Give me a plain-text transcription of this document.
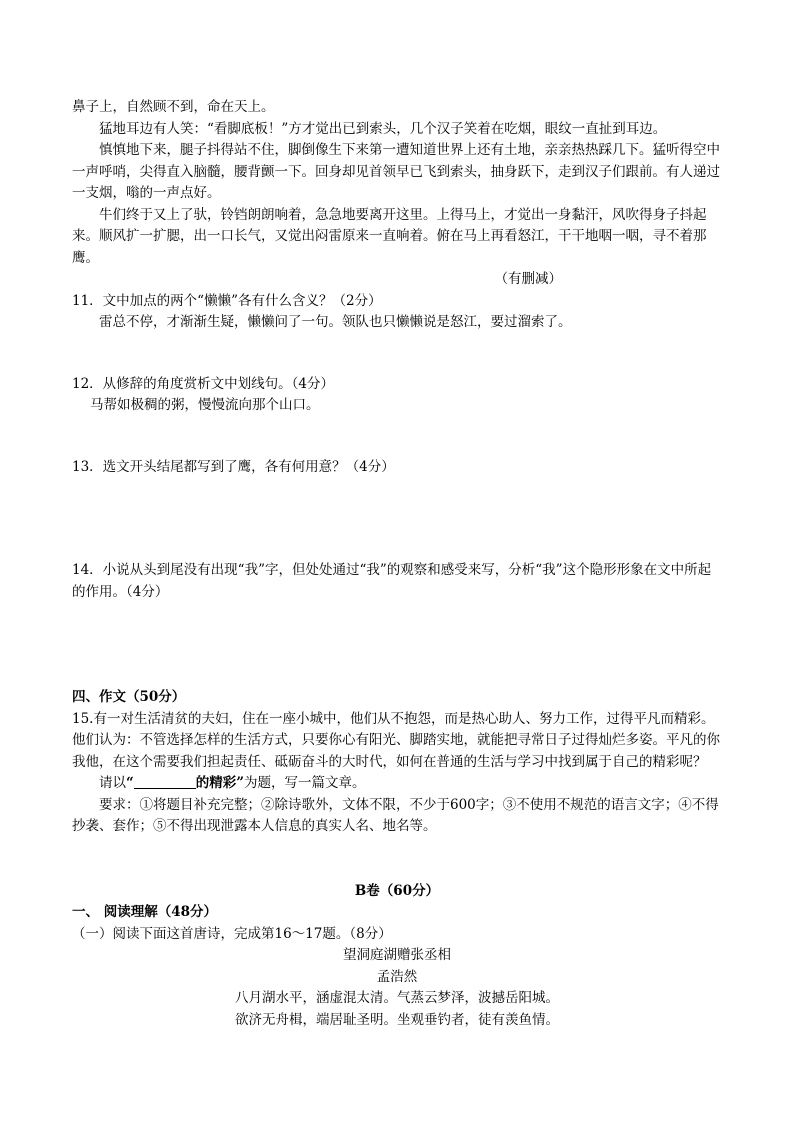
鼻子上，自然顾不到，命在天上。

猛地耳边有人笑：“看脚底板！”方才觉出已到索头，几个汉子笑着在吃烟，眼纹一直扯到耳边。

慎慎地下来，腿子抖得站不住，脚倒像生下来第一遭知道世界上还有土地，亲亲热热踩几下。猛听得空中一声呼哨，尖得直入脑髓，腰背颤一下。回身却见首领早已飞到索头，抽身跃下，走到汉子们跟前。有人递过一支烟，嗡的一声点好。

牛们终于又上了驮，铃铛朗朗响着，急急地要离开这里。上得马上，才觉出一身黏汗，风吹得身子抖起来。顺风扩一扩腮，出一口长气，又觉出闷雷原来一直响着。俯在马上再看怒江，干干地咽一咽，寻不着那鹰。

（有删减）

11．文中加点的两个“懒懒”各有什么含义？（2分）

雷总不停，才渐渐生疑，懒懒问了一句。领队也只懒懒说是怒江，要过溜索了。

12．从修辞的角度赏析文中划线句。（4分）

马帮如极稠的粥，慢慢流向那个山口。

13．选文开头结尾都写到了鹰，各有何用意？（4分）

14．小说从头到尾没有出现“我”字，但处处通过“我”的观察和感受来写，分析“我”这个隐形形象在文中所起的作用。（4分）

四、作文（50分）

15.有一对生活清贫的夫妇，住在一座小城中，他们从不抱怨，而是热心助人、努力工作，过得平凡而精彩。他们认为：不管选择怎样的生活方式，只要你心有阳光、脚踏实地，就能把寻常日子过得灿烂多姿。平凡的你我他，在这个需要我们担起责任、砥砺奋斗的大时代，如何在普通的生活与学习中找到属于自己的精彩呢？

请以“	的精彩”为题，写一篇文章。

要求：①将题目补充完整；②除诗歌外，文体不限，不少于600字；③不使用不规范的语言文字；④不得抄袭、套作；⑤不得出现泄露本人信息的真实人名、地名等。

B卷（60分）

一、 阅读理解（48分）

（一）阅读下面这首唐诗，完成第16～17题。（8分）

望洞庭湖赠张丞相

孟浩然

八月湖水平，涵虚混太清。气蒸云梦泽，波撼岳阳城。

欲济无舟楫，端居耻圣明。坐观垂钓者，徒有羡鱼情。
